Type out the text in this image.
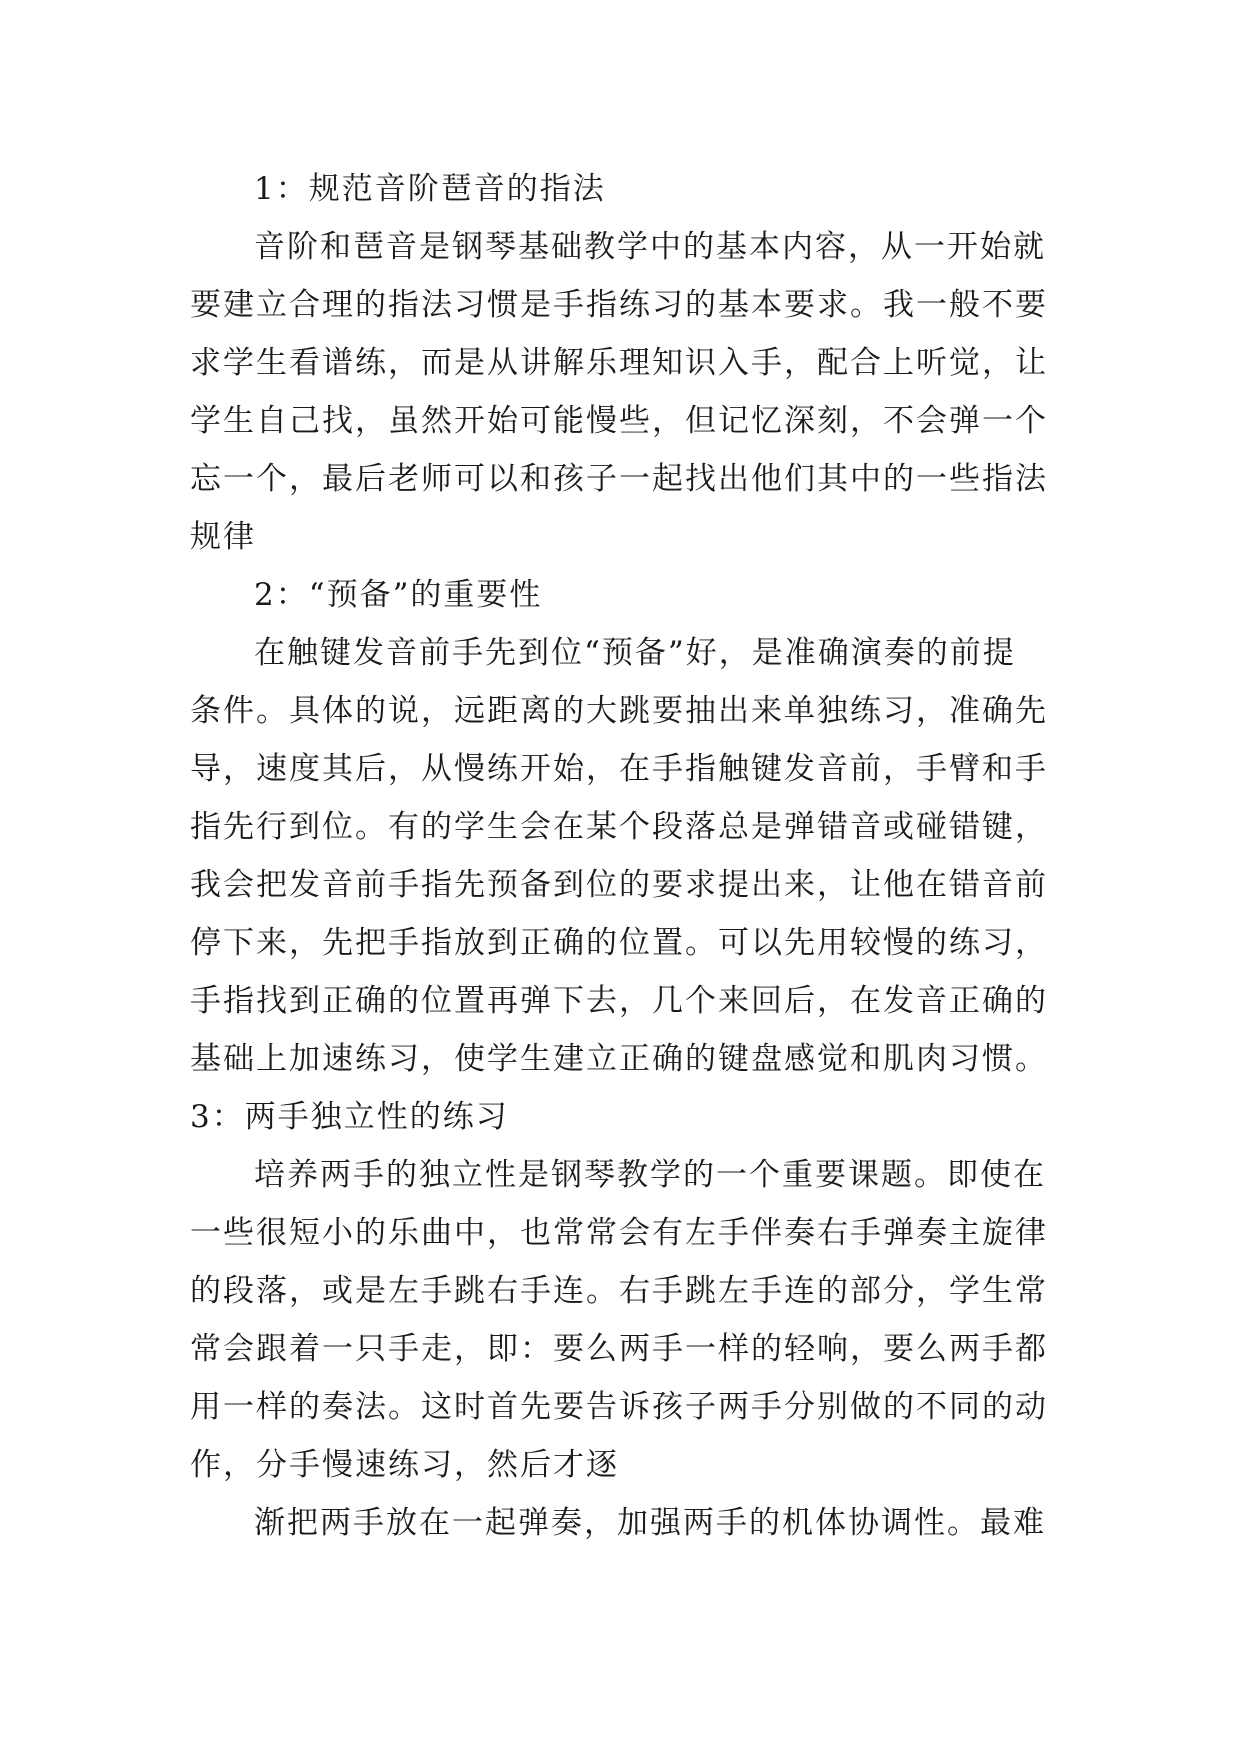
1：规范音阶琶音的指法
音阶和琶音是钢琴基础教学中的基本内容，从一开始就
要建立合理的指法习惯是手指练习的基本要求。我一般不要
求学生看谱练，而是从讲解乐理知识入手，配合上听觉，让
学生自己找，虽然开始可能慢些，但记忆深刻，不会弹一个
忘一个，最后老师可以和孩子一起找出他们其中的一些指法
规律
2：“预备”的重要性
在触键发音前手先到位“预备”好，是准确演奏的前提
条件。具体的说，远距离的大跳要抽出来单独练习，准确先
导，速度其后，从慢练开始，在手指触键发音前，手臂和手
指先行到位。有的学生会在某个段落总是弹错音或碰错键，
我会把发音前手指先预备到位的要求提出来，让他在错音前
停下来，先把手指放到正确的位置。可以先用较慢的练习，
手指找到正确的位置再弹下去，几个来回后，在发音正确的
基础上加速练习，使学生建立正确的键盘感觉和肌肉习惯。
3：两手独立性的练习
培养两手的独立性是钢琴教学的一个重要课题。即使在
一些很短小的乐曲中，也常常会有左手伴奏右手弹奏主旋律
的段落，或是左手跳右手连。右手跳左手连的部分，学生常
常会跟着一只手走，即：要么两手一样的轻响，要么两手都
用一样的奏法。这时首先要告诉孩子两手分别做的不同的动
作，分手慢速练习，然后才逐
渐把两手放在一起弹奏，加强两手的机体协调性。最难
